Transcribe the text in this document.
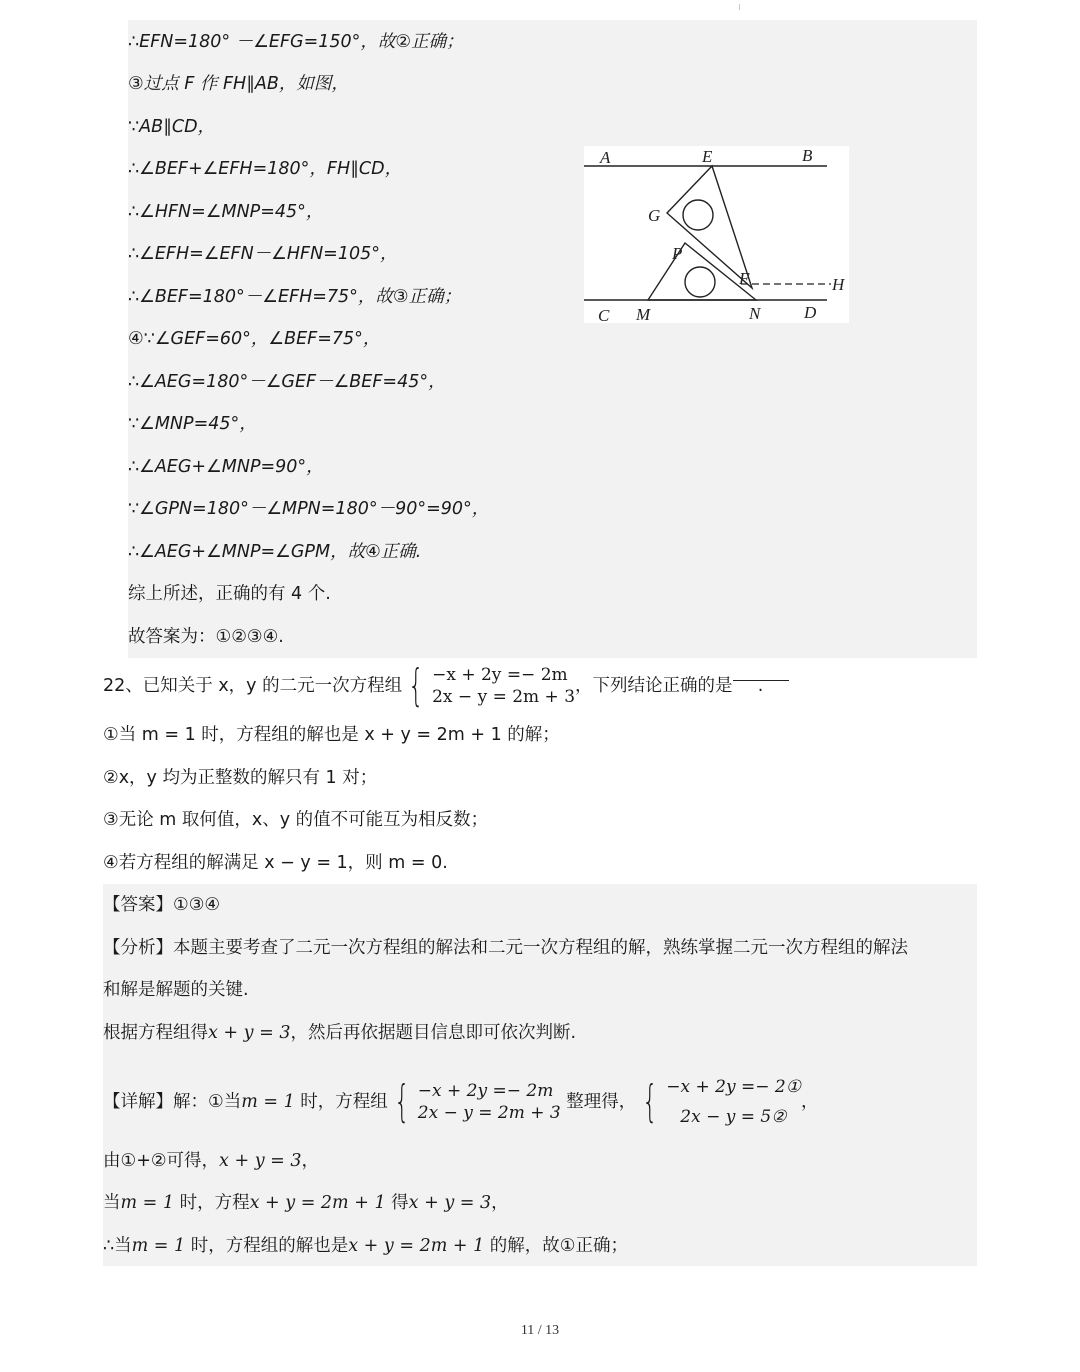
∴EFN=180° －∠EFG=150°，故②正确；
③过点 F 作 FH∥AB，如图，
∵AB∥CD，
∴∠BEF+∠EFH=180°，FH∥CD，
∴∠HFN=∠MNP=45°，
∴∠EFH=∠EFN－∠HFN=105°，
∴∠BEF=180°－∠EFH=75°，故③正确；
④∵∠GEF=60°，∠BEF=75°，
∴∠AEG=180°－∠GEF－∠BEF=45°，
∵∠MNP=45°，
∴∠AEG+∠MNP=90°，
∵∠GPN=180°－∠MPN=180°－90°=90°，
∴∠AEG+∠MNP=∠GPM，故④正确.
综上所述，正确的有 4 个.
故答案为：①②③④.
A	E	B
G
P
F	H
C M	N	D
22、已知关于 x，y 的二元一次方程组 { −x + 2y =− 2m
2x − y = 2m + 3
，下列结论正确的是 .
①当 m = 1 时，方程组的解也是 x + y = 2m + 1 的解；
②x，y 均为正整数的解只有 1 对；
③无论 m 取何值，x、y 的值不可能互为相反数；
④若方程组的解满足 x − y = 1，则 m = 0.
【答案】①③④
【分析】本题主要考查了二元一次方程组的解法和二元一次方程组的解，熟练掌握二元一次方程组的解法
和解是解题的关键.
根据方程组得x + y = 3，然后再依据题目信息即可依次判断.
【详解】解：①当m = 1 时，方程组 { −x + 2y =− 2m
2x − y = 2m + 3
整理得， { −x + 2y =− 2①
2x − y = 5②
，
由①+②可得，x + y = 3，
当m = 1 时，方程x + y = 2m + 1 得x + y = 3，
∴当m = 1 时，方程组的解也是x + y = 2m + 1 的解，故①正确；
11 / 13
